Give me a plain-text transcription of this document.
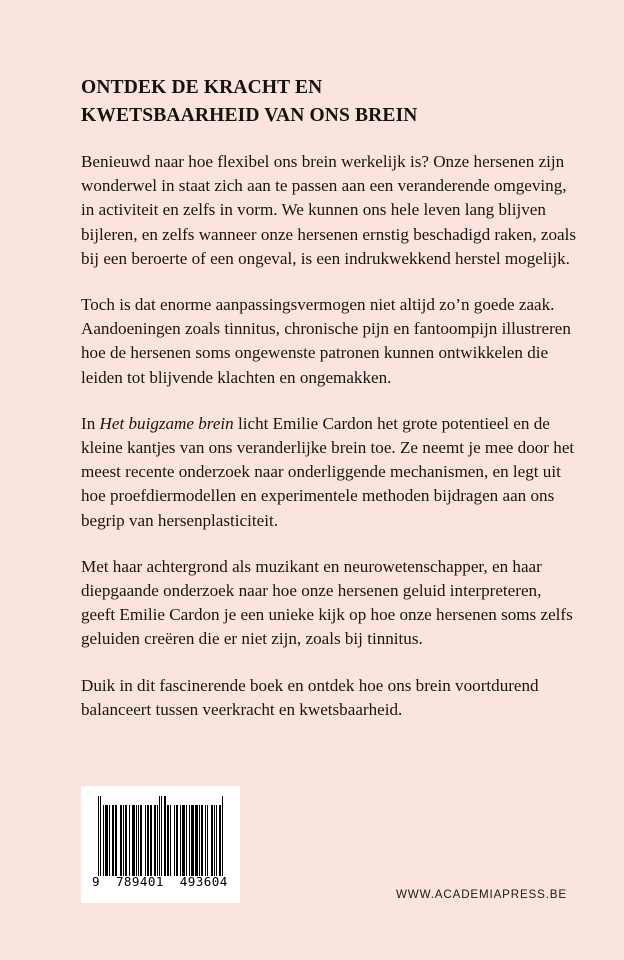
ONTDEK DE KRACHT EN
KWETSBAARHEID VAN ONS BREIN

Benieuwd naar hoe flexibel ons brein werkelijk is? Onze hersenen zijn wonderwel in staat zich aan te passen aan een veranderende omgeving, in activiteit en zelfs in vorm. We kunnen ons hele leven lang blijven bijleren, en zelfs wanneer onze hersenen ernstig beschadigd raken, zoals bij een beroerte of een ongeval, is een indrukwekkend herstel mogelijk.

Toch is dat enorme aanpassingsvermogen niet altijd zo’n goede zaak. Aandoeningen zoals tinnitus, chronische pijn en fantoompijn illustreren hoe de hersenen soms ongewenste patronen kunnen ontwikkelen die leiden tot blijvende klachten en ongemakken.

In Het buigzame brein licht Emilie Cardon het grote potentieel en de kleine kantjes van ons veranderlijke brein toe. Ze neemt je mee door het meest recente onderzoek naar onderliggende mechanismen, en legt uit hoe proefdiermodellen en experimentele methoden bijdragen aan ons begrip van hersenplasticiteit.

Met haar achtergrond als muzikant en neurowetenschapper, en haar diepgaande onderzoek naar hoe onze hersenen geluid interpreteren, geeft Emilie Cardon je een unieke kijk op hoe onze hersenen soms zelfs geluiden creëren die er niet zijn, zoals bij tinnitus.

Duik in dit fascinerende boek en ontdek hoe ons brein voortdurend balanceert tussen veerkracht en kwetsbaarheid.

9  789401  493604
WWW.ACADEMIAPRESS.BE
